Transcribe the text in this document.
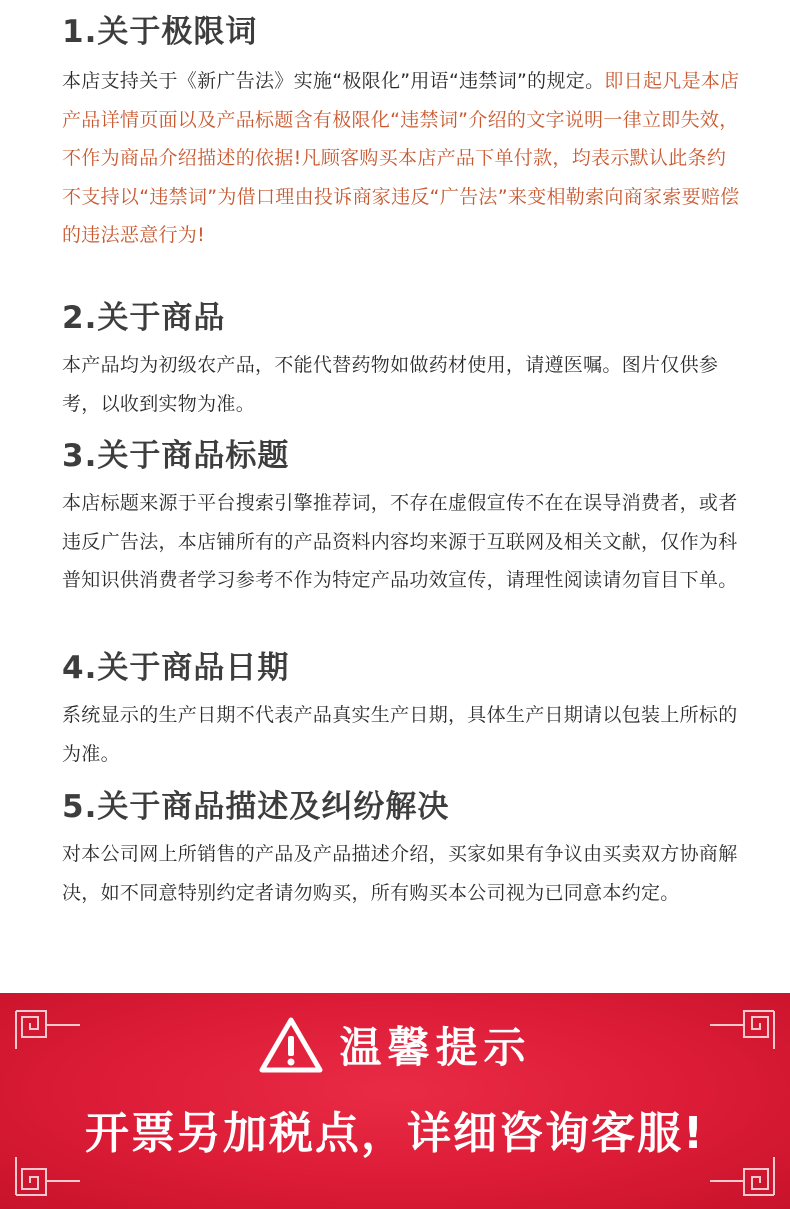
1.关于极限词

本店支持关于《新广告法》实施“极限化”用语“违禁词”的规定。即日起凡是本店产品详情页面以及产品标题含有极限化“违禁词”介绍的文字说明一律立即失效，不作为商品介绍描述的依据!凡顾客购买本店产品下单付款，均表示默认此条约不支持以“违禁词”为借口理由投诉商家违反“广告法”来变相勒索向商家索要赔偿的违法恶意行为!

2.关于商品

本产品均为初级农产品，不能代替药物如做药材使用，请遵医嘱。图片仅供参考，以收到实物为准。

3.关于商品标题

本店标题来源于平台搜索引擎推荐词，不存在虚假宣传不在在误导消费者，或者违反广告法，本店铺所有的产品资料内容均来源于互联网及相关文献，仅作为科普知识供消费者学习参考不作为特定产品功效宣传，请理性阅读请勿盲目下单。

4.关于商品日期

系统显示的生产日期不代表产品真实生产日期，具体生产日期请以包装上所标的为准。

5.关于商品描述及纠纷解决

对本公司网上所销售的产品及产品描述介绍，买家如果有争议由买卖双方协商解决，如不同意特别约定者请勿购买，所有购买本公司视为已同意本约定。

温馨提示
开票另加税点，详细咨询客服!
